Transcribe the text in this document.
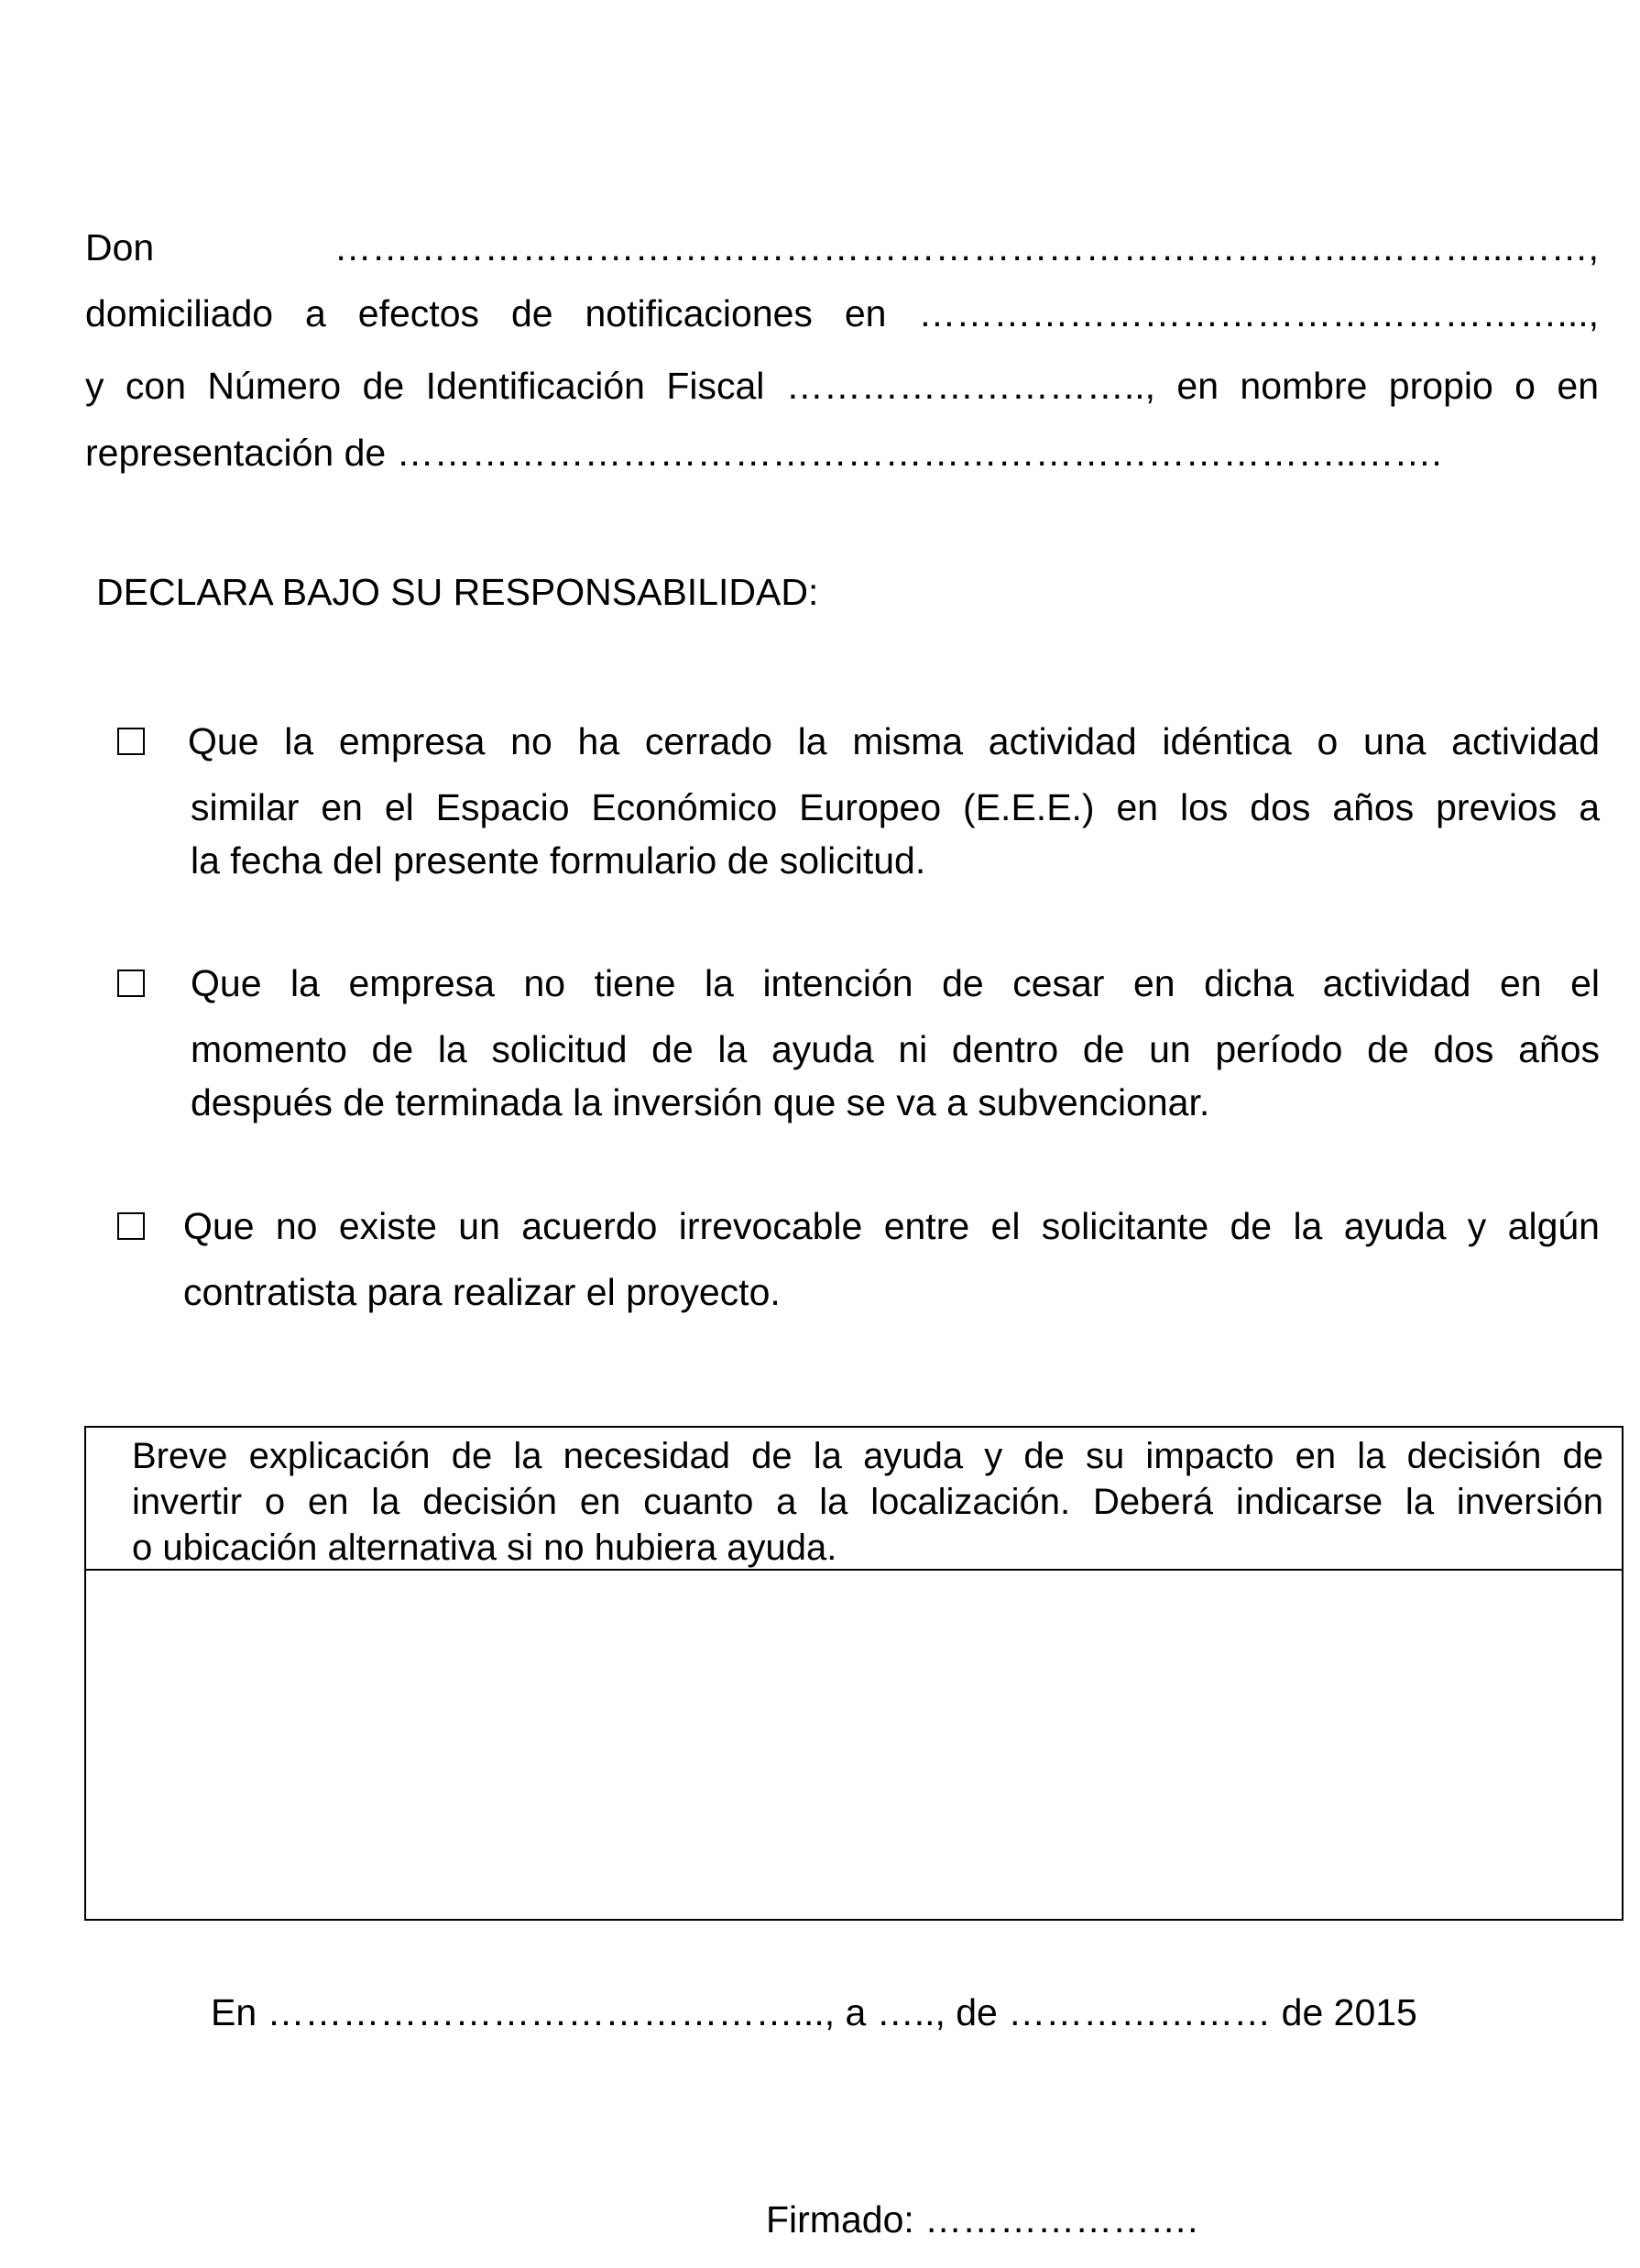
Don ………………………………………………………………………..………...……,
domiciliado a efectos de notificaciones en ……………………………………………...,
y con Número de Identificación Fiscal ……………………….., en nombre propio o en
representación de …………………………………………………………………..…….
DECLARA BAJO SU RESPONSABILIDAD:
Que la empresa no ha cerrado la misma actividad idéntica o una actividad
similar en el Espacio Económico Europeo (E.E.E.) en los dos años previos a
la fecha del presente formulario de solicitud.
Que la empresa no tiene la intención de cesar en dicha actividad en el
momento de la solicitud de la ayuda ni dentro de un período de dos años
después de terminada la inversión que se va a subvencionar.
Que no existe un acuerdo irrevocable entre el solicitante de la ayuda y algún
contratista para realizar el proyecto.
Breve explicación de la necesidad de la ayuda y de su impacto en la decisión de
invertir o en la decisión en cuanto a la localización. Deberá indicarse la inversión
o ubicación alternativa si no hubiera ayuda.
En ……………………………………..., a ….., de ………………… de 2015
Firmado: ………………….
